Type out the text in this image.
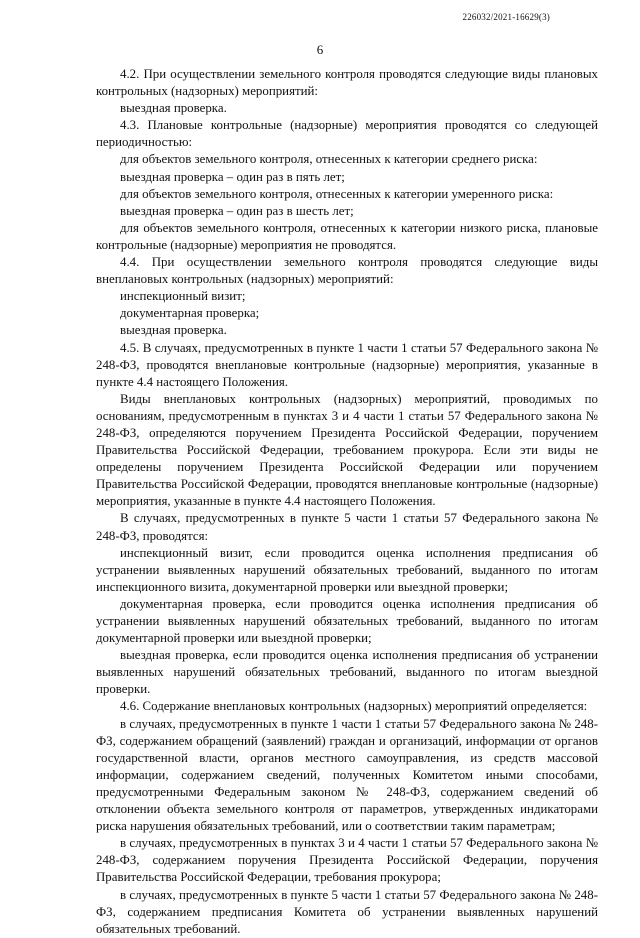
226032/2021-16629(3)
6

4.2. При осуществлении земельного контроля проводятся следующие виды плановых контрольных (надзорных) мероприятий:

выездная проверка.

4.3. Плановые контрольные (надзорные) мероприятия проводятся со следующей периодичностью:

для объектов земельного контроля, отнесенных к категории среднего риска:

выездная проверка – один раз в пять лет;

для объектов земельного контроля, отнесенных к категории умеренного риска:

выездная проверка – один раз в шесть лет;

для объектов земельного контроля, отнесенных к категории низкого риска, плановые контрольные (надзорные) мероприятия не проводятся.

4.4. При осуществлении земельного контроля проводятся следующие виды внеплановых контрольных (надзорных) мероприятий:

инспекционный визит;

документарная проверка;

выездная проверка.

4.5. В случаях, предусмотренных в пункте 1 части 1 статьи 57 Федерального закона № 248-ФЗ, проводятся внеплановые контрольные (надзорные) мероприятия, указанные в пункте 4.4 настоящего Положения.

Виды внеплановых контрольных (надзорных) мероприятий, проводимых по основаниям, предусмотренным в пунктах 3 и 4 части 1 статьи 57 Федерального закона № 248-ФЗ, определяются поручением Президента Российской Федерации, поручением Правительства Российской Федерации, требованием прокурора. Если эти виды не определены поручением Президента Российской Федерации или поручением Правительства Российской Федерации, проводятся внеплановые контрольные (надзорные) мероприятия, указанные в пункте 4.4 настоящего Положения.

В случаях, предусмотренных в пункте 5 части 1 статьи 57 Федерального закона № 248-ФЗ, проводятся:

инспекционный визит, если проводится оценка исполнения предписания об устранении выявленных нарушений обязательных требований, выданного по итогам инспекционного визита, документарной проверки или выездной проверки;

документарная проверка, если проводится оценка исполнения предписания об устранении выявленных нарушений обязательных требований, выданного по итогам документарной проверки или выездной проверки;

выездная проверка, если проводится оценка исполнения предписания об устранении выявленных нарушений обязательных требований, выданного по итогам выездной проверки.

4.6. Содержание внеплановых контрольных (надзорных) мероприятий определяется:

в случаях, предусмотренных в пункте 1 части 1 статьи 57 Федерального закона № 248-ФЗ, содержанием обращений (заявлений) граждан и организаций, информации от органов государственной власти, органов местного самоуправления, из средств массовой информации, содержанием сведений, полученных Комитетом иными способами, предусмотренными Федеральным законом № 248-ФЗ, содержанием сведений об отклонении объекта земельного контроля от параметров, утвержденных индикаторами риска нарушения обязательных требований, или о соответствии таким параметрам;

в случаях, предусмотренных в пунктах 3 и 4 части 1 статьи 57 Федерального закона № 248-ФЗ, содержанием поручения Президента Российской Федерации, поручения Правительства Российской Федерации, требования прокурора;

в случаях, предусмотренных в пункте 5 части 1 статьи 57 Федерального закона № 248-ФЗ, содержанием предписания Комитета об устранении выявленных нарушений обязательных требований.
